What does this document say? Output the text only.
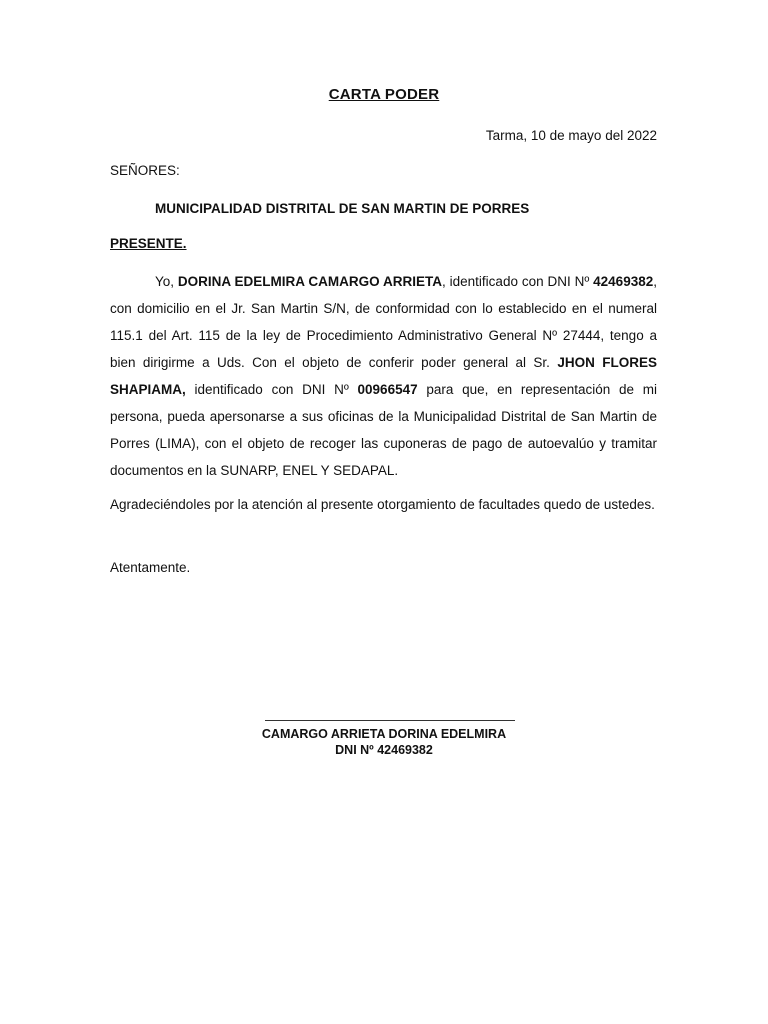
CARTA PODER
Tarma, 10 de mayo del 2022
SEÑORES:
MUNICIPALIDAD DISTRITAL DE SAN MARTIN DE PORRES
PRESENTE.
Yo, DORINA EDELMIRA CAMARGO ARRIETA, identificado con DNI Nº 42469382, con domicilio en el Jr. San Martin S/N, de conformidad con lo establecido en el numeral 115.1 del Art. 115 de la ley de Procedimiento Administrativo General Nº 27444, tengo a bien dirigirme a Uds. Con el objeto de conferir poder general al Sr. JHON FLORES SHAPIAMA, identificado con DNI Nº 00966547 para que, en representación de mi persona, pueda apersonarse a sus oficinas de la Municipalidad Distrital de San Martin de Porres (LIMA), con el objeto de recoger las cuponeras de pago de autoevalúo y tramitar documentos en la SUNARP, ENEL Y SEDAPAL.
Agradeciéndoles por la atención al presente otorgamiento de facultades quedo de ustedes.
Atentamente.
CAMARGO ARRIETA DORINA EDELMIRA
DNI Nº 42469382
